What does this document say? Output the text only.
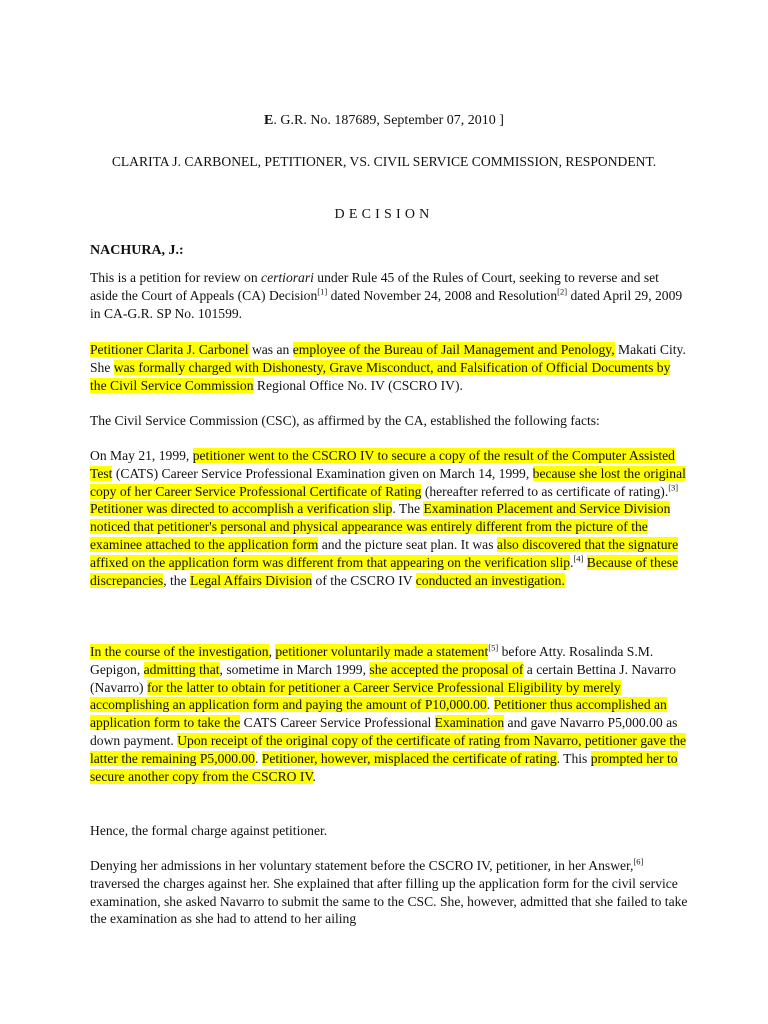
E. G.R. No. 187689, September 07, 2010 ]
CLARITA J. CARBONEL, PETITIONER, VS. CIVIL SERVICE COMMISSION, RESPONDENT.
DECISION
NACHURA, J.:

This is a petition for review on certiorari under Rule 45 of the Rules of Court, seeking to reverse and set aside the Court of Appeals (CA) Decision[1] dated November 24, 2008 and Resolution[2] dated April 29, 2009 in CA-G.R. SP No. 101599.

Petitioner Clarita J. Carbonel was an employee of the Bureau of Jail Management and Penology, Makati City. She was formally charged with Dishonesty, Grave Misconduct, and Falsification of Official Documents by the Civil Service Commission Regional Office No. IV (CSCRO IV).

The Civil Service Commission (CSC), as affirmed by the CA, established the following facts:

On May 21, 1999, petitioner went to the CSCRO IV to secure a copy of the result of the Computer Assisted Test (CATS) Career Service Professional Examination given on March 14, 1999, because she lost the original copy of her Career Service Professional Certificate of Rating (hereafter referred to as certificate of rating).[3] Petitioner was directed to accomplish a verification slip. The Examination Placement and Service Division noticed that petitioner's personal and physical appearance was entirely different from the picture of the examinee attached to the application form and the picture seat plan. It was also discovered that the signature affixed on the application form was different from that appearing on the verification slip.[4] Because of these discrepancies, the Legal Affairs Division of the CSCRO IV conducted an investigation.

In the course of the investigation, petitioner voluntarily made a statement[5] before Atty. Rosalinda S.M. Gepigon, admitting that, sometime in March 1999, she accepted the proposal of a certain Bettina J. Navarro (Navarro) for the latter to obtain for petitioner a Career Service Professional Eligibility by merely accomplishing an application form and paying the amount of P10,000.00. Petitioner thus accomplished an application form to take the CATS Career Service Professional Examination and gave Navarro P5,000.00 as down payment. Upon receipt of the original copy of the certificate of rating from Navarro, petitioner gave the latter the remaining P5,000.00. Petitioner, however, misplaced the certificate of rating. This prompted her to secure another copy from the CSCRO IV.

Hence, the formal charge against petitioner.

Denying her admissions in her voluntary statement before the CSCRO IV, petitioner, in her Answer,[6] traversed the charges against her. She explained that after filling up the application form for the civil service examination, she asked Navarro to submit the same to the CSC. She, however, admitted that she failed to take the examination as she had to attend to her ailing
